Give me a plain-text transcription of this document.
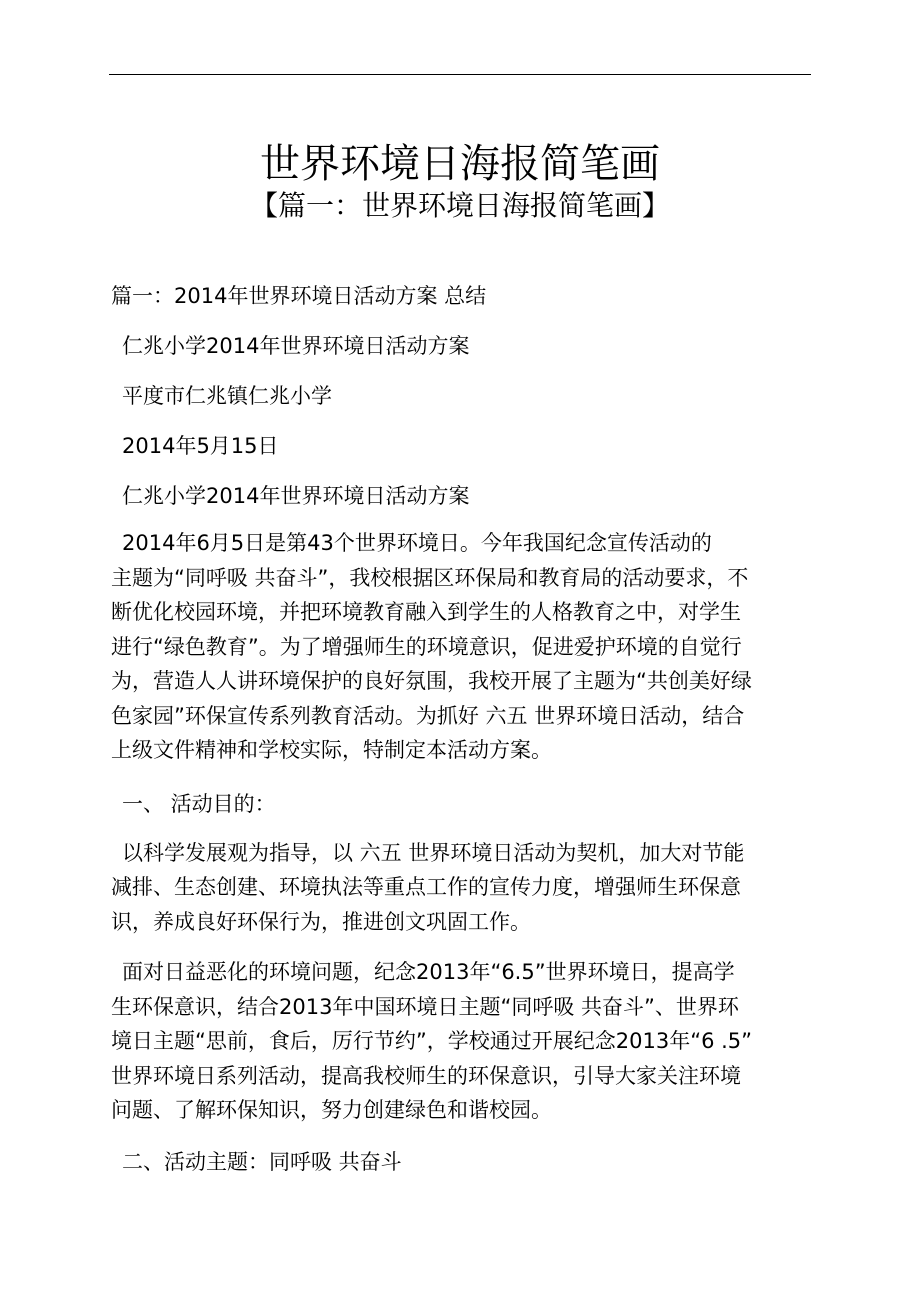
世界环境日海报简笔画
【篇一：世界环境日海报简笔画】

篇一：2014年世界环境日活动方案 总结

仁兆小学2014年世界环境日活动方案

平度市仁兆镇仁兆小学

2014年5月15日

仁兆小学2014年世界环境日活动方案

2014年6月5日是第43个世界环境日。今年我国纪念宣传活动的
主题为“同呼吸 共奋斗”，我校根据区环保局和教育局的活动要求，不
断优化校园环境，并把环境教育融入到学生的人格教育之中，对学生
进行“绿色教育”。为了增强师生的环境意识，促进爱护环境的自觉行
为，营造人人讲环境保护的良好氛围，我校开展了主题为“共创美好绿
色家园”环保宣传系列教育活动。为抓好 六五 世界环境日活动，结合
上级文件精神和学校实际，特制定本活动方案。

一、 活动目的：

以科学发展观为指导，以 六五 世界环境日活动为契机，加大对节能
减排、生态创建、环境执法等重点工作的宣传力度，增强师生环保意
识，养成良好环保行为，推进创文巩固工作。
面对日益恶化的环境问题，纪念2013年“6.5”世界环境日，提高学
生环保意识，结合2013年中国环境日主题“同呼吸 共奋斗”、世界环
境日主题“思前，食后，厉行节约”，学校通过开展纪念2013年“6 .5”
世界环境日系列活动，提高我校师生的环保意识，引导大家关注环境
问题、了解环保知识，努力创建绿色和谐校园。

二、活动主题：同呼吸 共奋斗
